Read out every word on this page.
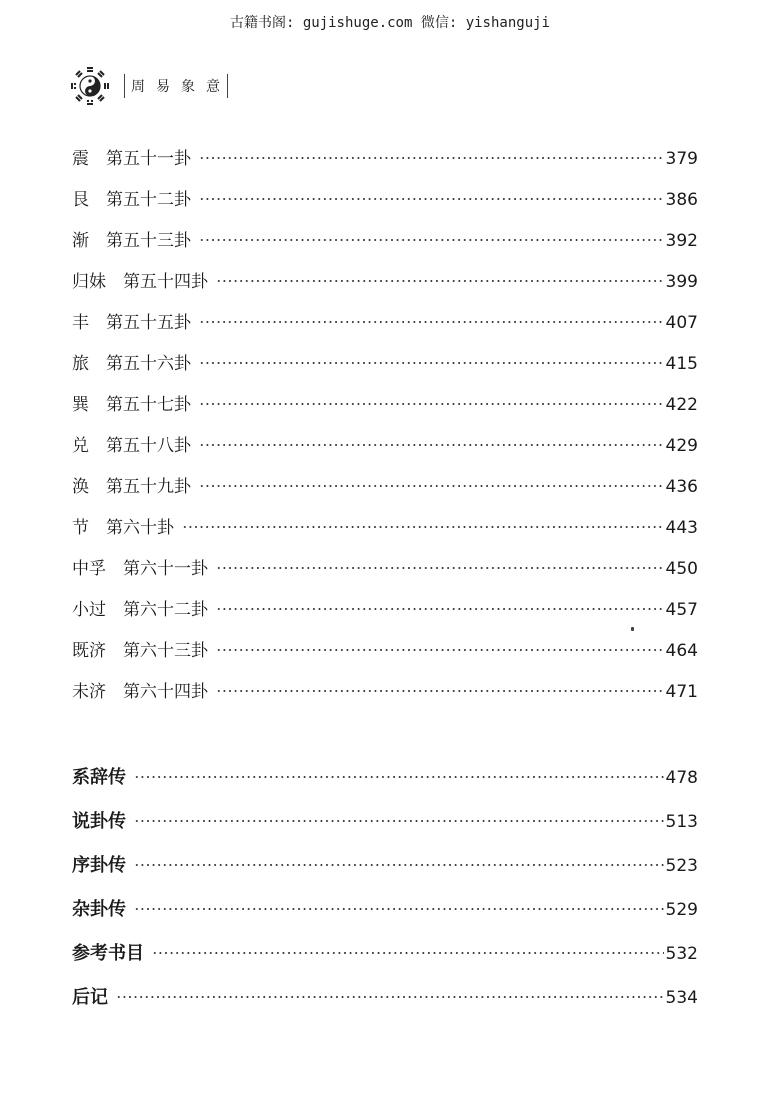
古籍书阁: gujishuge.com 微信: yishanguji
周 易 象 意
震　第五十一卦	379
艮　第五十二卦	386
渐　第五十三卦	392
归妹　第五十四卦	399
丰　第五十五卦	407
旅　第五十六卦	415
巽　第五十七卦	422
兑　第五十八卦	429
涣　第五十九卦	436
节　第六十卦	443
中孚　第六十一卦	450
小过　第六十二卦	457
既济　第六十三卦	464
未济　第六十四卦	471
系辞传	478
说卦传	513
序卦传	523
杂卦传	529
参考书目	532
后记	534
